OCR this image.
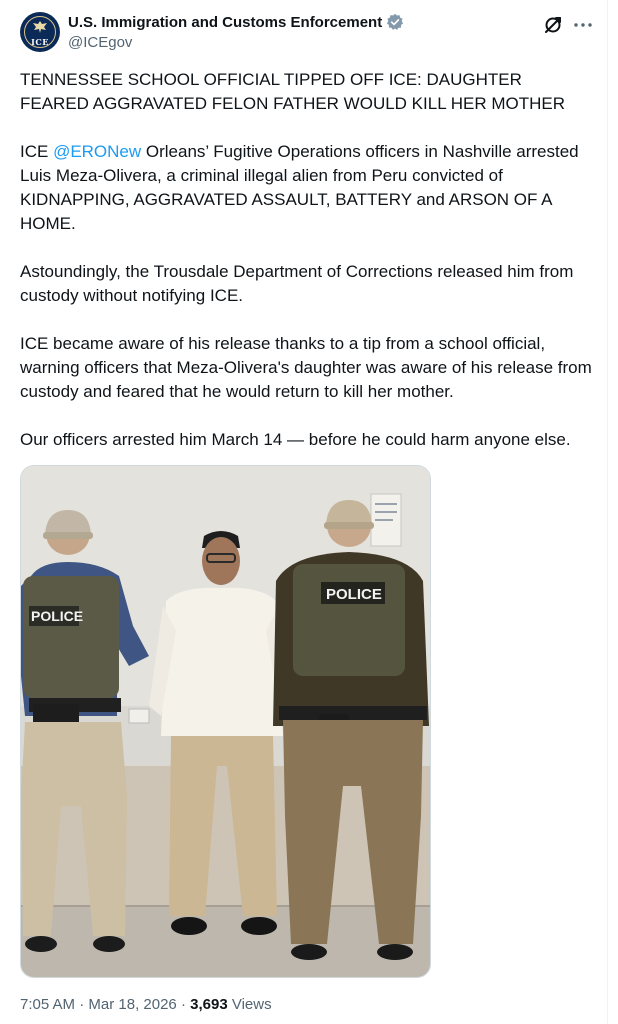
ICE
U.S. Immigration and Customs Enforcement
@ICEgov

TENNESSEE SCHOOL OFFICIAL TIPPED OFF ICE: DAUGHTER FEARED AGGRAVATED FELON FATHER WOULD KILL HER MOTHER

ICE @ERONew Orleans’ Fugitive Operations officers in Nashville arrested Luis Meza-Olivera, a criminal illegal alien from Peru convicted of KIDNAPPING, AGGRAVATED ASSAULT, BATTERY and ARSON OF A HOME.

Astoundingly, the Trousdale Department of Corrections released him from custody without notifying ICE.

ICE became aware of his release thanks to a tip from a school official, warning officers that Meza-Olivera's daughter was aware of his release from custody and feared that he would return to kill her mother.

Our officers arrested him March 14 — before he could harm anyone else.

POLICE
POLICE
7:05 AM · Mar 18, 2026 · 3,693 Views
